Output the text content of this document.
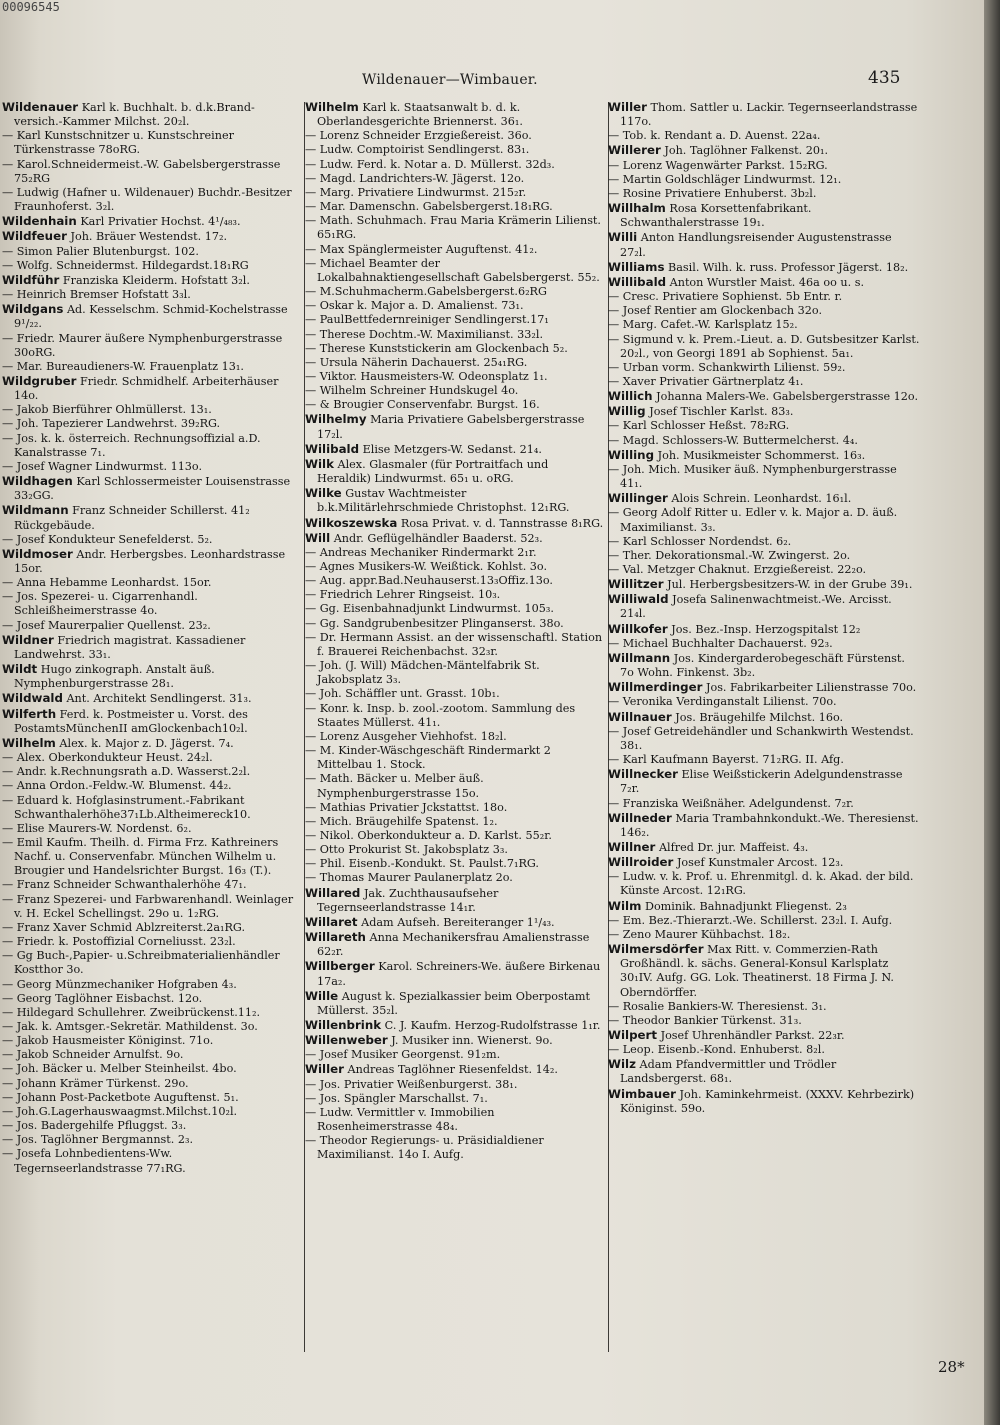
00096545
Wildenauer—Wimbauer.	435

Wildenauer Karl k. Buchhalt. b. d.k.Brand-versich.-Kammer Milchst. 20₂l.

— Karl Kunstschnitzer u. Kunstschreiner Türkenstrasse 78oRG.

— Karol.Schneidermeist.-W. Gabelsbergerstrasse 75₂RG

— Ludwig (Hafner u. Wildenauer) Buchdr.-Besitzer Fraunhoferst. 3₂l.

Wildenhain Karl Privatier Hochst. 4¹/₄₈₃.

Wildfeuer Joh. Bräuer Westendst. 17₂.

— Simon Palier Blutenburgst. 102.

— Wolfg. Schneidermst. Hildegardst.18₁RG

Wildführ Franziska Kleiderm. Hofstatt 3₂l.

— Heinrich Bremser Hofstatt 3₃l.

Wildgans Ad. Kesselschm. Schmid-Kochelstrasse 9¹/₂₂.

— Friedr. Maurer äußere Nymphenburgerstrasse 30oRG.

— Mar. Bureaudieners-W. Frauenplatz 13₁.

Wildgruber Friedr. Schmidhelf. Arbeiterhäuser 14o.

— Jakob Bierführer Ohlmüllerst. 13₁.

— Joh. Tapezierer Landwehrst. 39₂RG.

— Jos. k. k. österreich. Rechnungsoffizial a.D. Kanalstrasse 7₁.

— Josef Wagner Lindwurmst. 113o.

Wildhagen Karl Schlossermeister Louisenstrasse 33₂GG.

Wildmann Franz Schneider Schillerst. 41₂ Rückgebäude.

— Josef Kondukteur Senefelderst. 5₂.

Wildmoser Andr. Herbergsbes. Leonhardstrasse 15or.

— Anna Hebamme Leonhardst. 15or.

— Jos. Spezerei- u. Cigarrenhandl. Schleißheimerstrasse 4o.

— Josef Maurerpalier Quellenst. 23₂.

Wildner Friedrich magistrat. Kassadiener Landwehrst. 33₁.

Wildt Hugo zinkograph. Anstalt äuß. Nymphenburgerstrasse 28₁.

Wildwald Ant. Architekt Sendlingerst. 31₃.

Wilferth Ferd. k. Postmeister u. Vorst. des PostamtsMünchenII amGlockenbach10₂l.

Wilhelm Alex. k. Major z. D. Jägerst. 7₄.

— Alex. Oberkondukteur Heust. 24₂l.

— Andr. k.Rechnungsrath a.D. Wasserst.2₂l.

— Anna Ordon.-Feldw.-W. Blumenst. 44₂.

— Eduard k. Hofglasinstrument.-Fabrikant Schwanthalerhöhe37₁Lb.Altheimereck10.

— Elise Maurers-W. Nordenst. 6₂.

— Emil Kaufm. Theilh. d. Firma Frz. Kathreiners Nachf. u. Conservenfabr. München Wilhelm u. Brougier und Handelsrichter Burgst. 16₃ (T.).

— Franz Schneider Schwanthalerhöhe 47₁.

— Franz Spezerei- und Farbwarenhandl. Weinlager v. H. Eckel Schellingst. 29o u. 1₂RG.

— Franz Xaver Schmid Ablzreiterst.2a₁RG.

— Friedr. k. Postoffizial Corneliusst. 23₂l.

— Gg Buch-,Papier- u.Schreibmaterialienhändler Kostthor 3o.

— Georg Münzmechaniker Hofgraben 4₃.

— Georg Taglöhner Eisbachst. 12o.

— Hildegard Schullehrer. Zweibrückenst.11₂.

— Jak. k. Amtsger.-Sekretär. Mathildenst. 3o.

— Jakob Hausmeister Königinst. 71o.

— Jakob Schneider Arnulfst. 9o.

— Joh. Bäcker u. Melber Steinheilst. 4bo.

— Johann Krämer Türkenst. 29o.

— Johann Post-Packetbote Auguftenst. 5₁.

— Joh.G.Lagerhauswaagmst.Milchst.10₂l.

— Jos. Badergehilfe Pfluggst. 3₃.

— Jos. Taglöhner Bergmannst. 2₃.

— Josefa Lohnbedientens-Ww. Tegernseerlandstrasse 77₁RG.

Wilhelm Karl k. Staatsanwalt b. d. k. Oberlandesgerichte Briennerst. 36₁.

— Lorenz Schneider Erzgießereist. 36o.

— Ludw. Comptoirist Sendlingerst. 83₁.

— Ludw. Ferd. k. Notar a. D. Müllerst. 32d₃.

— Magd. Landrichters-W. Jägerst. 12o.

— Marg. Privatiere Lindwurmst. 215₂r.

— Mar. Damenschn. Gabelsbergerst.18₁RG.

— Math. Schuhmach. Frau Maria Krämerin Lilienst. 65₁RG.

— Max Spänglermeister Auguftenst. 41₂.

— Michael Beamter der Lokalbahnaktiengesellschaft Gabelsbergerst. 55₂.

— M.Schuhmacherm.Gabelsbergerst.6₂RG

— Oskar k. Major a. D. Amalienst. 73₁.

— PaulBettfedernreiniger Sendlingerst.17₁

— Therese Dochtm.-W. Maximilianst. 33₂l.

— Therese Kunststickerin am Glockenbach 5₂.

— Ursula Näherin Dachauerst. 25₄₁RG.

— Viktor. Hausmeisters-W. Odeonsplatz 1₁.

— Wilhelm Schreiner Hundskugel 4o.

— & Brougier Conservenfabr. Burgst. 16.

Wilhelmy Maria Privatiere Gabelsbergerstrasse 17₂l.

Wilibald Elise Metzgers-W. Sedanst. 21₄.

Wilk Alex. Glasmaler (für Portraitfach und Heraldik) Lindwurmst. 65₁ u. oRG.

Wilke Gustav Wachtmeister b.k.Militärlehrschmiede Christophst. 12₁RG.

Wilkoszewska Rosa Privat. v. d. Tannstrasse 8₁RG.

Will Andr. Geflügelhändler Baaderst. 52₃.

— Andreas Mechaniker Rindermarkt 2₁r.

— Agnes Musikers-W. Weißtick. Kohlst. 3o.

— Aug. appr.Bad.Neuhauserst.13₃Offiz.13o.

— Friedrich Lehrer Ringseist. 10₃.

— Gg. Eisenbahnadjunkt Lindwurmst. 105₃.

— Gg. Sandgrubenbesitzer Plinganserst. 38o.

— Dr. Hermann Assist. an der wissenschaftl. Station f. Brauerei Reichenbachst. 32₃r.

— Joh. (J. Will) Mädchen-Mäntelfabrik St. Jakobsplatz 3₃.

— Joh. Schäffler unt. Grasst. 10b₁.

— Konr. k. Insp. b. zool.-zootom. Sammlung des Staates Müllerst. 41₁.

— Lorenz Ausgeher Viehhofst. 18₂l.

— M. Kinder-Wäschgeschäft Rindermarkt 2 Mittelbau 1. Stock.

— Math. Bäcker u. Melber äuß. Nymphenburgerstrasse 15o.

— Mathias Privatier Jckstattst. 18o.

— Mich. Bräugehilfe Spatenst. 1₂.

— Nikol. Oberkondukteur a. D. Karlst. 55₂r.

— Otto Prokurist St. Jakobsplatz 3₃.

— Phil. Eisenb.-Kondukt. St. Paulst.7₁RG.

— Thomas Maurer Paulanerplatz 2o.

Willared Jak. Zuchthausaufseher Tegernseerlandstrasse 14₁r.

Willaret Adam Aufseh. Bereiteranger 1¹/₄₃.

Willareth Anna Mechanikersfrau Amalienstrasse 62₂r.

Willberger Karol. Schreiners-We. äußere Birkenau 17a₂.

Wille August k. Spezialkassier beim Oberpostamt Müllerst. 35₂l.

Willenbrink C. J. Kaufm. Herzog-Rudolfstrasse 1₁r.

Willenweber J. Musiker inn. Wienerst. 9o.

— Josef Musiker Georgenst. 91₂m.

Willer Andreas Taglöhner Riesenfeldst. 14₂.

— Jos. Privatier Weißenburgerst. 38₁.

— Jos. Spängler Marschallst. 7₁.

— Ludw. Vermittler v. Immobilien Rosenheimerstrasse 48₄.

— Theodor Regierungs- u. Präsidialdiener Maximilianst. 14o I. Aufg.

Willer Thom. Sattler u. Lackir. Tegernseerlandstrasse 117o.

— Tob. k. Rendant a. D. Auenst. 22a₄.

Willerer Joh. Taglöhner Falkenst. 20₁.

— Lorenz Wagenwärter Parkst. 15₂RG.

— Martin Goldschläger Lindwurmst. 12₁.

— Rosine Privatiere Enhuberst. 3b₂l.

Willhalm Rosa Korsettenfabrikant. Schwanthalerstrasse 19₁.

Willi Anton Handlungsreisender Augustenstrasse 27₂l.

Williams Basil. Wilh. k. russ. Professor Jägerst. 18₂.

Willibald Anton Wurstler Maist. 46a oo u. s.

— Cresc. Privatiere Sophienst. 5b Entr. r.

— Josef Rentier am Glockenbach 32o.

— Marg. Cafet.-W. Karlsplatz 15₂.

— Sigmund v. k. Prem.-Lieut. a. D. Gutsbesitzer Karlst. 20₂l., von Georgi 1891 ab Sophienst. 5a₁.

— Urban vorm. Schankwirth Lilienst. 59₂.

— Xaver Privatier Gärtnerplatz 4₁.

Willich Johanna Malers-We. Gabelsbergerstrasse 12o.

Willig Josef Tischler Karlst. 83₃.

— Karl Schlosser Heßst. 78₂RG.

— Magd. Schlossers-W. Buttermelcherst. 4₄.

Willing Joh. Musikmeister Schommerst. 16₃.

— Joh. Mich. Musiker äuß. Nymphenburgerstrasse 41₁.

Willinger Alois Schrein. Leonhardst. 16₁l.

— Georg Adolf Ritter u. Edler v. k. Major a. D. äuß. Maximilianst. 3₃.

— Karl Schlosser Nordendst. 6₂.

— Ther. Dekorationsmal.-W. Zwingerst. 2o.

— Val. Metzger Chaknut. Erzgießereist. 22₂o.

Willitzer Jul. Herbergsbesitzers-W. in der Grube 39₁.

Williwald Josefa Salinenwachtmeist.-We. Arcisst. 21₄l.

Willkofer Jos. Bez.-Insp. Herzogspitalst 12₂

— Michael Buchhalter Dachauerst. 92₃.

Willmann Jos. Kindergarderobegeschäft Fürstenst. 7o Wohn. Finkenst. 3b₂.

Willmerdinger Jos. Fabrikarbeiter Lilienstrasse 70o.

— Veronika Verdinganstalt Lilienst. 70o.

Willnauer Jos. Bräugehilfe Milchst. 16o.

— Josef Getreidehändler und Schankwirth Westendst. 38₁.

— Karl Kaufmann Bayerst. 71₂RG. II. Afg.

Willnecker Elise Weißstickerin Adelgundenstrasse 7₂r.

— Franziska Weißnäher. Adelgundenst. 7₂r.

Willneder Maria Trambahnkondukt.-We. Theresienst. 146₂.

Willner Alfred Dr. jur. Maffeist. 4₃.

Willroider Josef Kunstmaler Arcost. 12₃.

— Ludw. v. k. Prof. u. Ehrenmitgl. d. k. Akad. der bild. Künste Arcost. 12₁RG.

Wilm Dominik. Bahnadjunkt Fliegenst. 2₃

— Em. Bez.-Thierarzt.-We. Schillerst. 23₂l. I. Aufg.

— Zeno Maurer Kühbachst. 18₂.

Wilmersdörfer Max Ritt. v. Commerzien-Rath Großhändl. k. sächs. General-Konsul Karlsplatz 30₁IV. Aufg. GG. Lok. Theatinerst. 18 Firma J. N. Oberndörffer.

— Rosalie Bankiers-W. Theresienst. 3₁.

— Theodor Bankier Türkenst. 31₃.

Wilpert Josef Uhrenhändler Parkst. 22₃r.

— Leop. Eisenb.-Kond. Enhuberst. 8₂l.

Wilz Adam Pfandvermittler und Trödler Landsbergerst. 68₁.

Wimbauer Joh. Kaminkehrmeist. (XXXV. Kehrbezirk) Königinst. 59o.

28*
